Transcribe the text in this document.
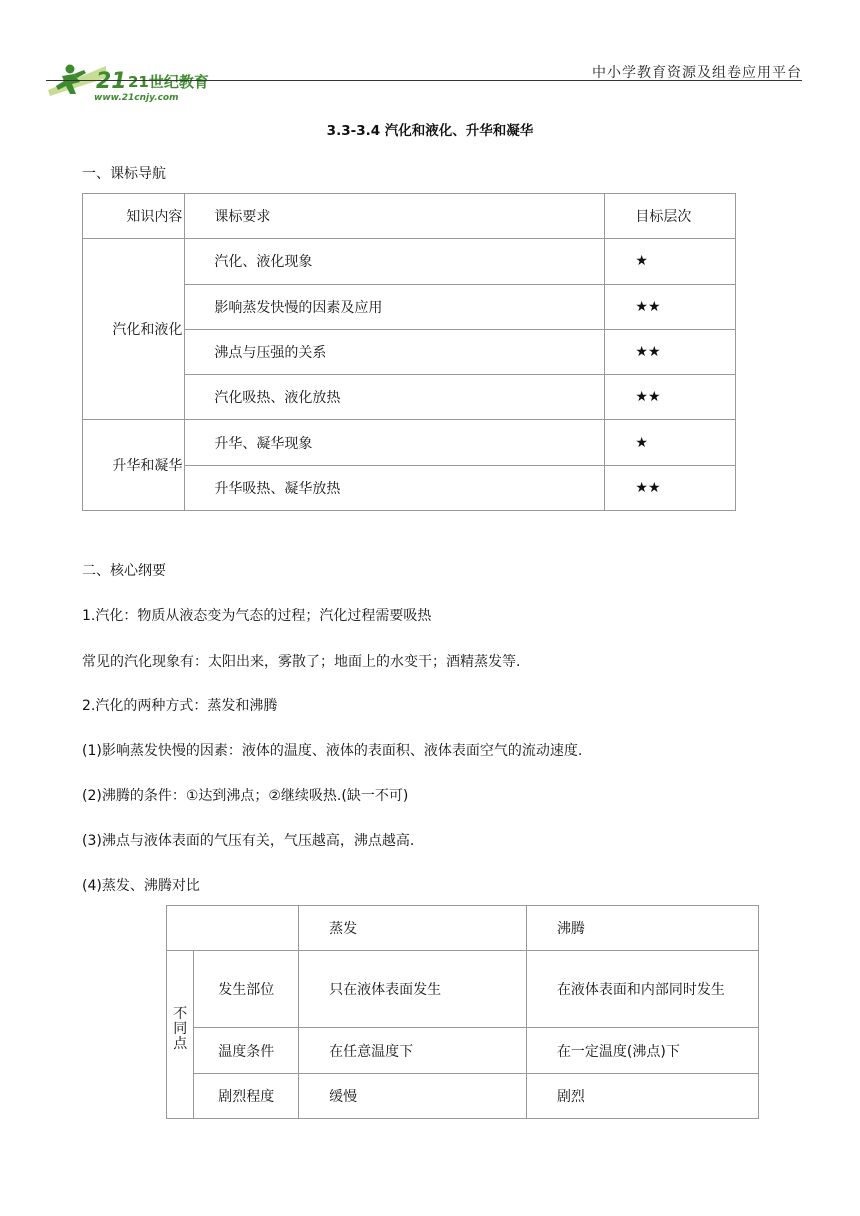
21 21世纪教育
www.21cnjy.com
中小学教育资源及组卷应用平台
3.3-3.4 汽化和液化、升华和凝华
一、课标导航
知识内容	课标要求	目标层次
汽化和液化	汽化、液化现象	★
	影响蒸发快慢的因素及应用	★★
	沸点与压强的关系	★★
	汽化吸热、液化放热	★★
升华和凝华	升华、凝华现象	★
	升华吸热、凝华放热	★★
二、核心纲要
1.汽化：物质从液态变为气态的过程；汽化过程需要吸热
常见的汽化现象有：太阳出来，雾散了；地面上的水变干；酒精蒸发等.
2.汽化的两种方式：蒸发和沸腾
(1)影响蒸发快慢的因素：液体的温度、液体的表面积、液体表面空气的流动速度.
(2)沸腾的条件：①达到沸点；②继续吸热.(缺一不可)
(3)沸点与液体表面的气压有关，气压越高，沸点越高.
(4)蒸发、沸腾对比
		蒸发	沸腾

不同点	发生部位	只在液体表面发生	在液体表面和内部同时发生
	温度条件	在任意温度下	在一定温度(沸点)下
	剧烈程度	缓慢	剧烈
